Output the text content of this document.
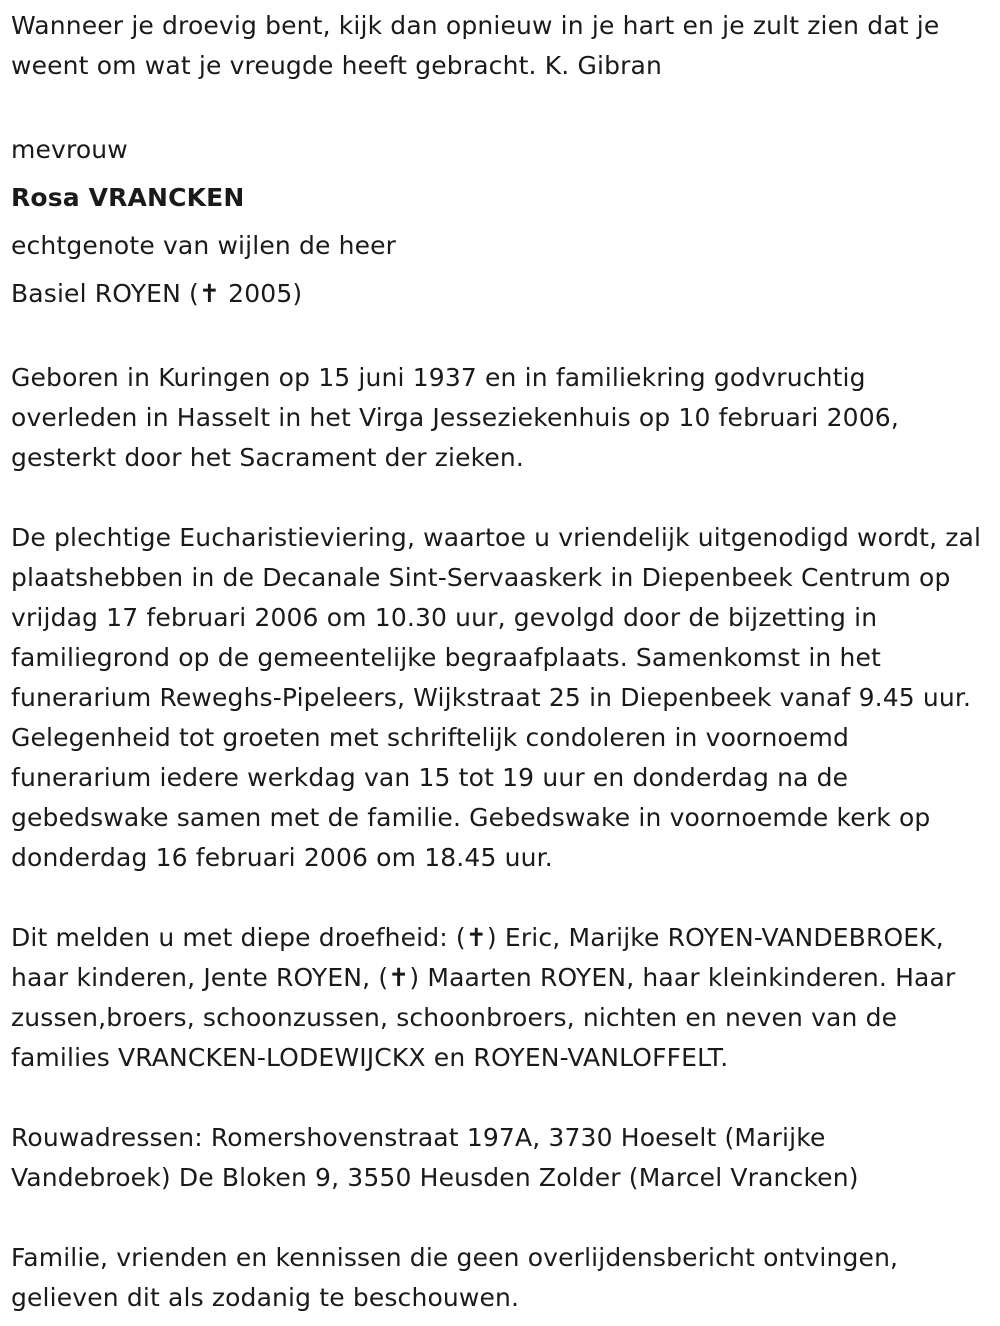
Wanneer je droevig bent, kijk dan opnieuw in je hart en je zult zien dat je weent om wat je vreugde heeft gebracht. K. Gibran

mevrouw
Rosa VRANCKEN
echtgenote van wijlen de heer
Basiel ROYEN (✝ 2005)

Geboren in Kuringen op 15 juni 1937 en in familiekring godvruchtig overleden in Hasselt in het Virga Jesseziekenhuis op 10 februari 2006, gesterkt door het Sacrament der zieken.

De plechtige Eucharistieviering, waartoe u vriendelijk uitgenodigd wordt, zal plaatshebben in de Decanale Sint-Servaaskerk in Diepenbeek Centrum op vrijdag 17 februari 2006 om 10.30 uur, gevolgd door de bijzetting in familiegrond op de gemeentelijke begraafplaats. Samenkomst in het funerarium Reweghs-Pipeleers, Wijkstraat 25 in Diepenbeek vanaf 9.45 uur. Gelegenheid tot groeten met schriftelijk condoleren in voornoemd funerarium iedere werkdag van 15 tot 19 uur en donderdag na de gebedswake samen met de familie. Gebedswake in voornoemde kerk op donderdag 16 februari 2006 om 18.45 uur.

Dit melden u met diepe droefheid: (✝) Eric, Marijke ROYEN-VANDEBROEK, haar kinderen, Jente ROYEN, (✝) Maarten ROYEN, haar kleinkinderen. Haar zussen,broers, schoonzussen, schoonbroers, nichten en neven van de families VRANCKEN-LODEWIJCKX en ROYEN-VANLOFFELT.

Rouwadressen: Romershovenstraat 197A, 3730 Hoeselt (Marijke Vandebroek) De Bloken 9, 3550 Heusden Zolder (Marcel Vrancken)

Familie, vrienden en kennissen die geen overlijdensbericht ontvingen, gelieven dit als zodanig te beschouwen.
